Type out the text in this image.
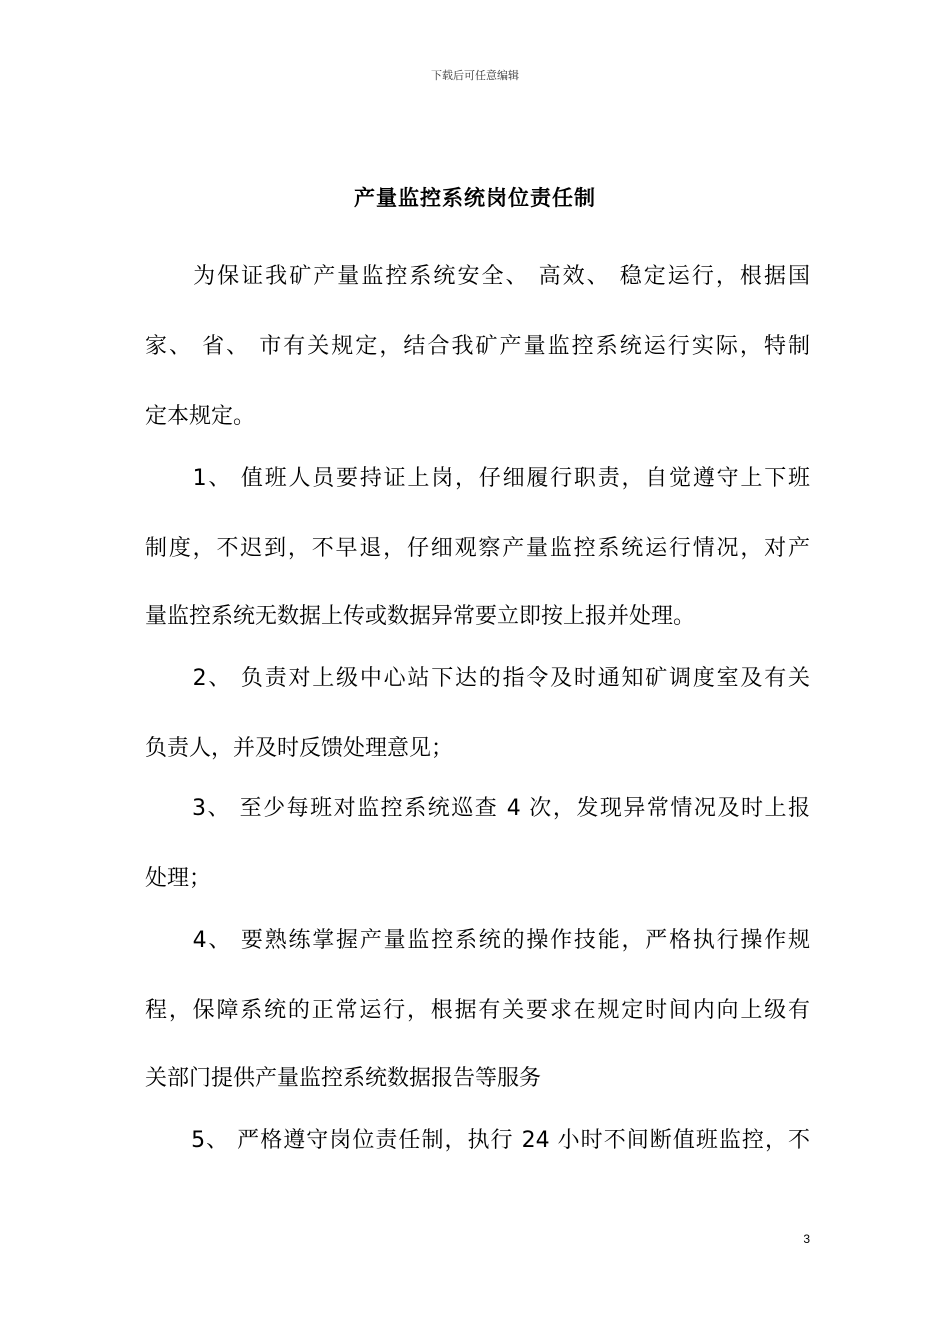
下载后可任意编辑
产量监控系统岗位责任制
　　为保证我矿产量监控系统安全、 高效、 稳定运行，根据国
家、 省、 市有关规定，结合我矿产量监控系统运行实际，特制
定本规定。
　　1、 值班人员要持证上岗，仔细履行职责，自觉遵守上下班
制度，不迟到，不早退，仔细观察产量监控系统运行情况，对产
量监控系统无数据上传或数据异常要立即按上报并处理。
　　2、 负责对上级中心站下达的指令及时通知矿调度室及有关
负责人，并及时反馈处理意见；
　　3、 至少每班对监控系统巡查 4 次，发现异常情况及时上报
处理；
　　4、 要熟练掌握产量监控系统的操作技能，严格执行操作规
程，保障系统的正常运行，根据有关要求在规定时间内向上级有
关部门提供产量监控系统数据报告等服务
　　5、 严格遵守岗位责任制，执行 24 小时不间断值班监控，不
3
